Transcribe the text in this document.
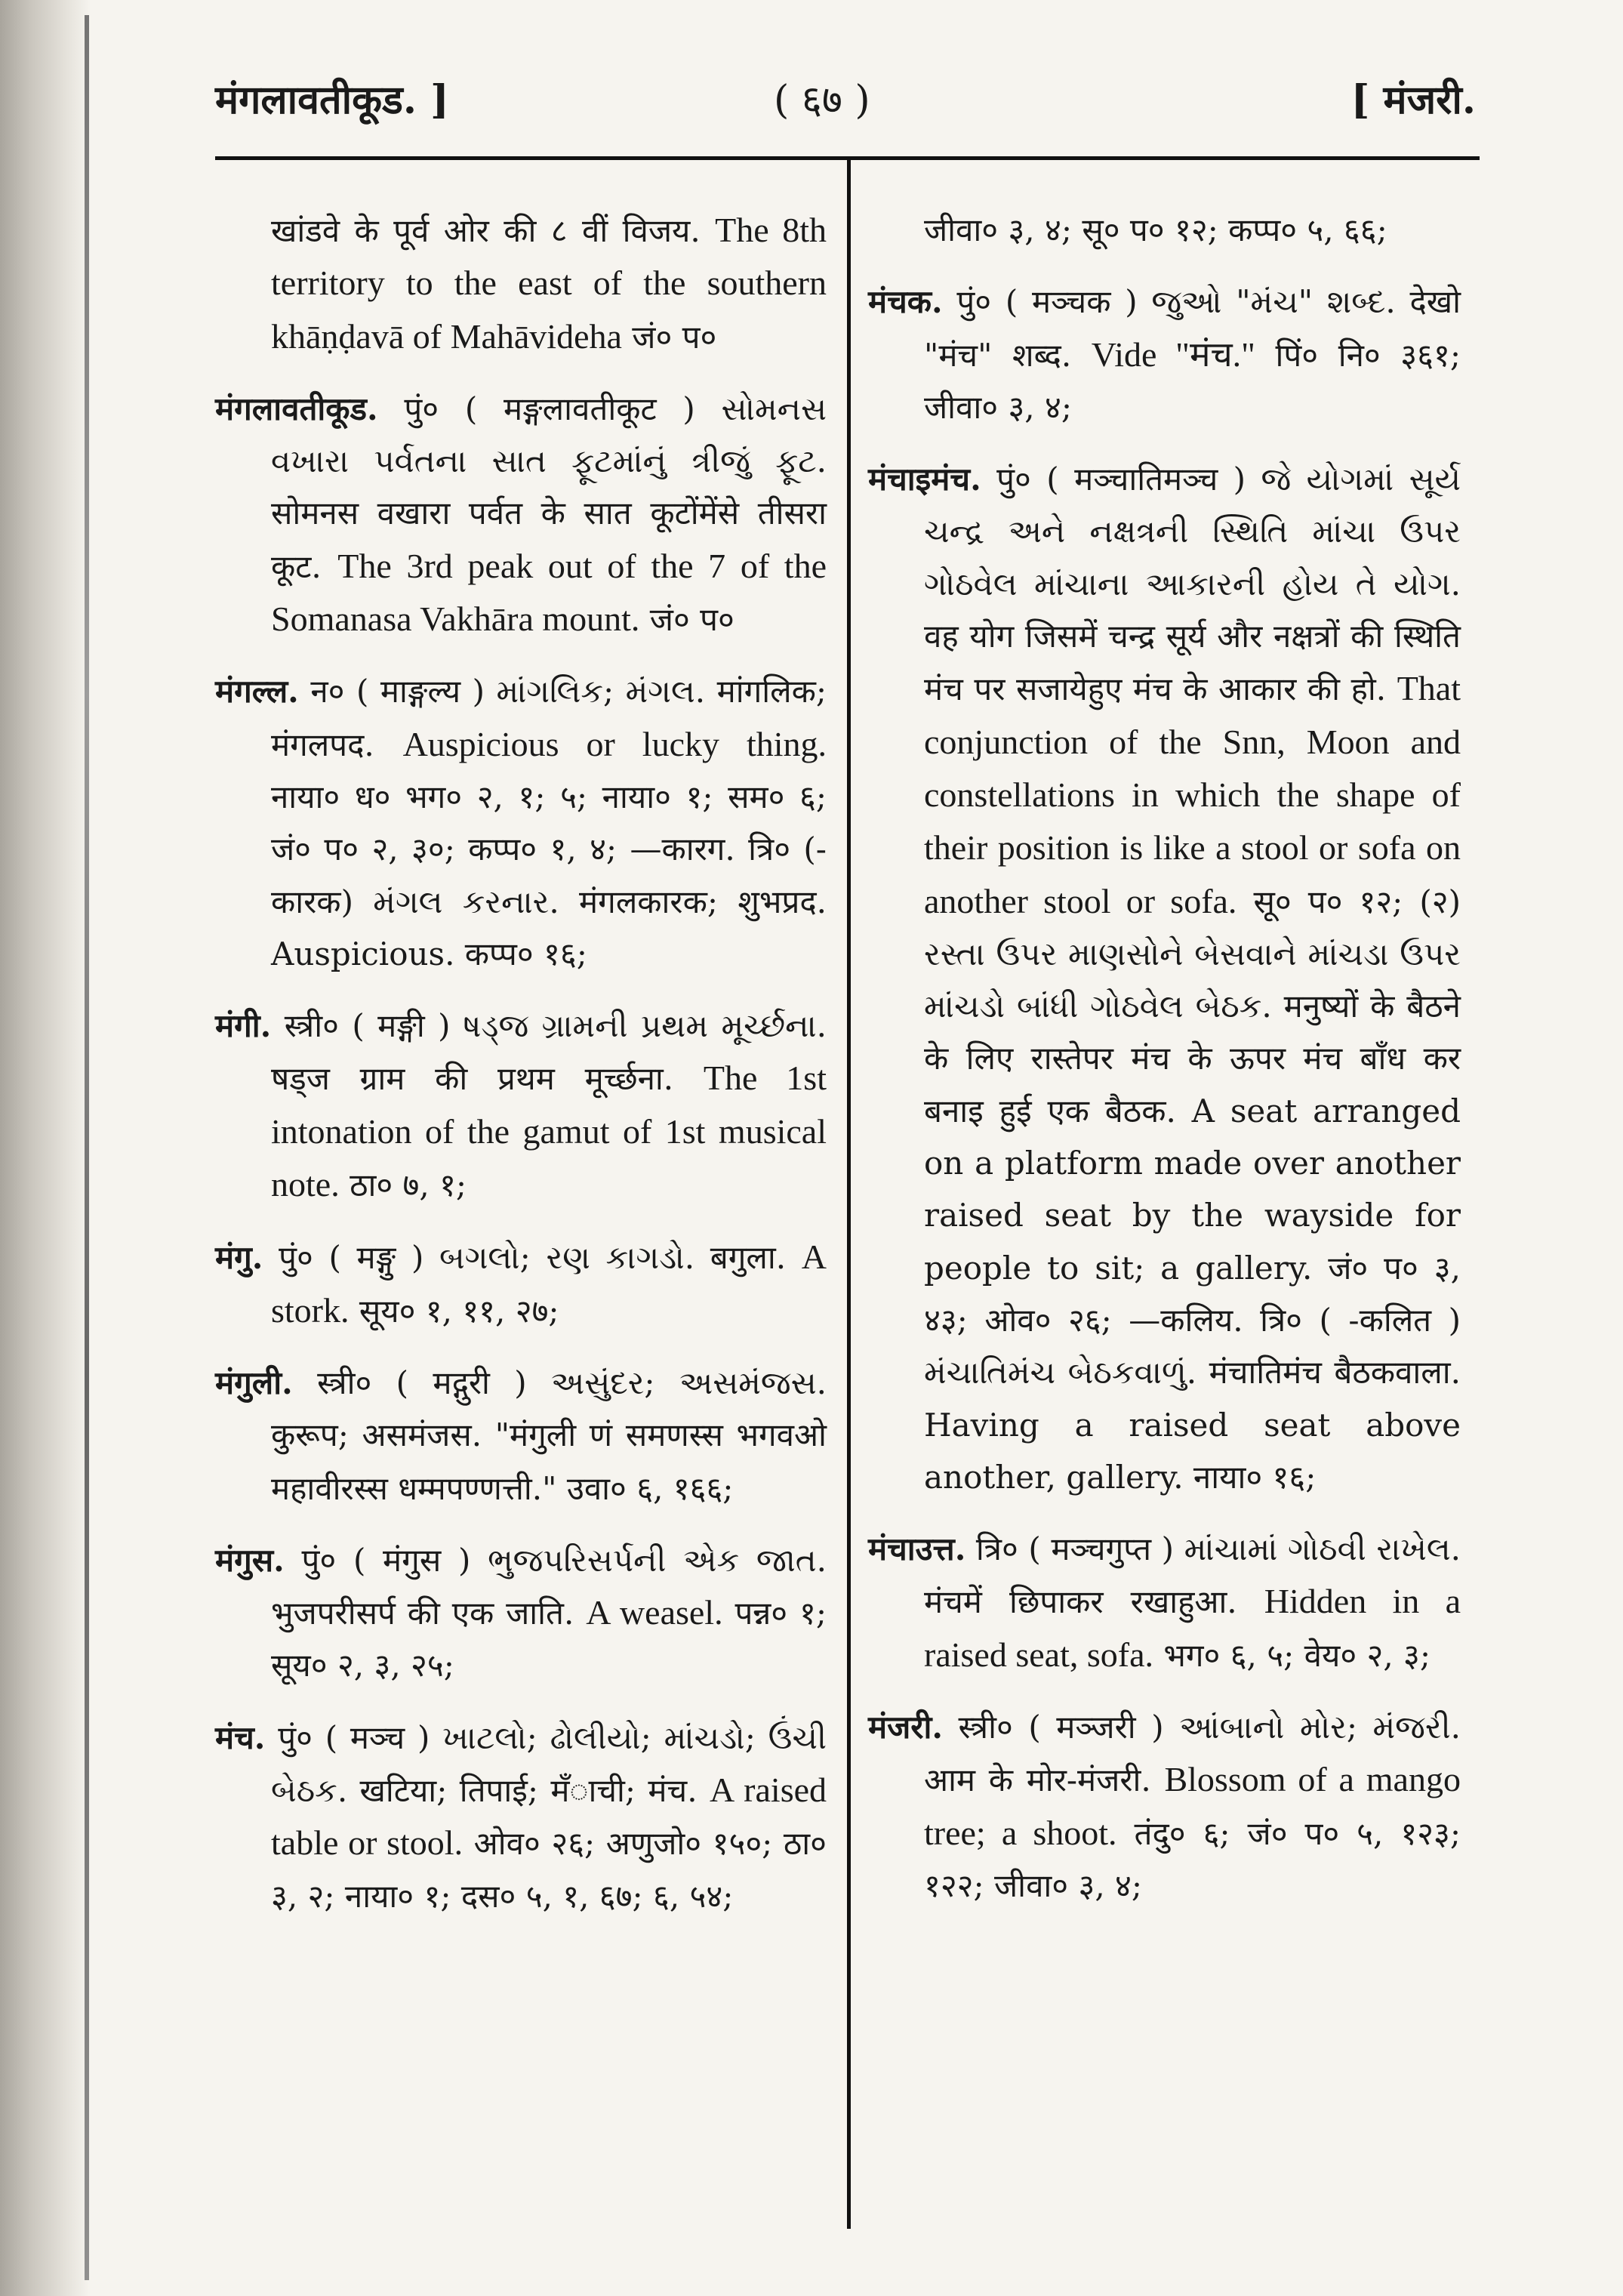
मंगलावतीकूड. ]	( ६७ )	[ मंजरी.

खांडवे के पूर्व ओर की ८ वीं विजय. The 8th territory to the east of the southern khāṇḍavā of Mahāvideha जं० प०

मंगलावतीकूड. पुं० ( मङ्गलावतीकूट ) સોમનસ વખારા પર્વતના સાત ફૂટમાંનું ત્રીજું ફૂટ. सोमनस वखारा पर्वत के सात कूटोंमेंसे तीसरा कूट. The 3rd peak out of the 7 of the Somanasa Vakhāra mount. जं० प०

मंगल्ल. न० ( माङ्गल्य ) માંગલિક; મંગલ. मांगलिक; मंगलपद. Auspicious or lucky thing. नाया० ध० भग० २, १; ५; नाया० १; सम० ६; जं० प० २, ३०; कप्प० १, ४; —कारग. त्रि० (-कारक) મંગલ કરનાર. मंगलकारक; शुभप्रद. Auspicious. कप्प० १६;

मंगी. स्त्री० ( मङ्गी ) ષડ્જ ગ્રામની પ્રથમ મૂર્ચ્છના. षड्ज ग्राम की प्रथम मूर्च्छना. The 1st intonation of the gamut of 1st musical note. ठा० ७, १;

मंगु. पुं० ( मङ्गु ) બગલો; રણ કાગડો. बगुला. A stork. सूय० १, ११, २७;

मंगुली. स्त्री० ( मद्गुरी ) અસુંદર; અસમંજસ. कुरूप; असमंजस. "मंगुली णं समणस्स भगवओ महावीरस्स धम्मपण्णत्ती." उवा० ६, १६६;

मंगुस. पुं० ( मंगुस ) ભુજપરિસર્પની એક જાત. भुजपरीसर्प की एक जाति. A weasel. पन्न० १; सूय० २, ३, २५;

मंच. पुं० ( मञ्च ) ખાટલો; ઢોલીયો; માંચડો; ઉંચી બેઠક. खटिया; तिपाई; मँाची; मंच. A raised table or stool. ओव० २६; अणुजो० १५०; ठा० ३, २; नाया० १; दस० ५, १, ६७; ६, ५४;

जीवा० ३, ४; सू० प० १२; कप्प० ५, ६६;

मंचक. पुं० ( मञ्चक ) જુઓ "મંચ" શબ્દ. देखो "मंच" शब्द. Vide "मंच." पिं० नि० ३६१; जीवा० ३, ४;

मंचाइमंच. पुं० ( मञ्चातिमञ्च ) જે યોગમાં સૂર્ય ચન્દ્ર અને નક્ષત્રની સ્થિતિ માંચા ઉપર ગોઠવેલ માંચાના આકારની હોય તે યોગ. वह योग जिसमें चन्द्र सूर्य और नक्षत्रों की स्थिति मंच पर सजायेहुए मंच के आकार की हो. That conjunction of the Snn, Moon and constellations in which the shape of their position is like a stool or sofa on another stool or sofa. सू० प० १२; (२) રસ્તા ઉપર માણસોને બેસવાને માંચડા ઉપર માંચડો બાંધી ગોઠવેલ બેઠક. मनुष्यों के बैठने के लिए रास्तेपर मंच के ऊपर मंच बाँध कर बनाइ हुई एक बैठक. A seat arranged on a platform made over another raised seat by the wayside for people to sit; a gallery. जं० प० ३, ४३; ओव० २६; —कलिय. त्रि० ( -कलित ) મંચાતિમંચ બેઠકવાળું. मंचातिमंच बैठकवाला. Having a raised seat above another, gallery. नाया० १६;

मंचाउत्त. त्रि० ( मञ्चगुप्त ) માંચામાં ગોઠવી રાખેલ. मंचमें छिपाकर रखाहुआ. Hidden in a raised seat, sofa. भग० ६, ५; वेय० २, ३;

मंजरी. स्त्री० ( मञ्जरी ) આંબાનો મોર; મંજરી. आम के मोर-मंजरी. Blossom of a mango tree; a shoot. तंदु० ६; जं० प० ५, १२३; १२२; जीवा० ३, ४;
